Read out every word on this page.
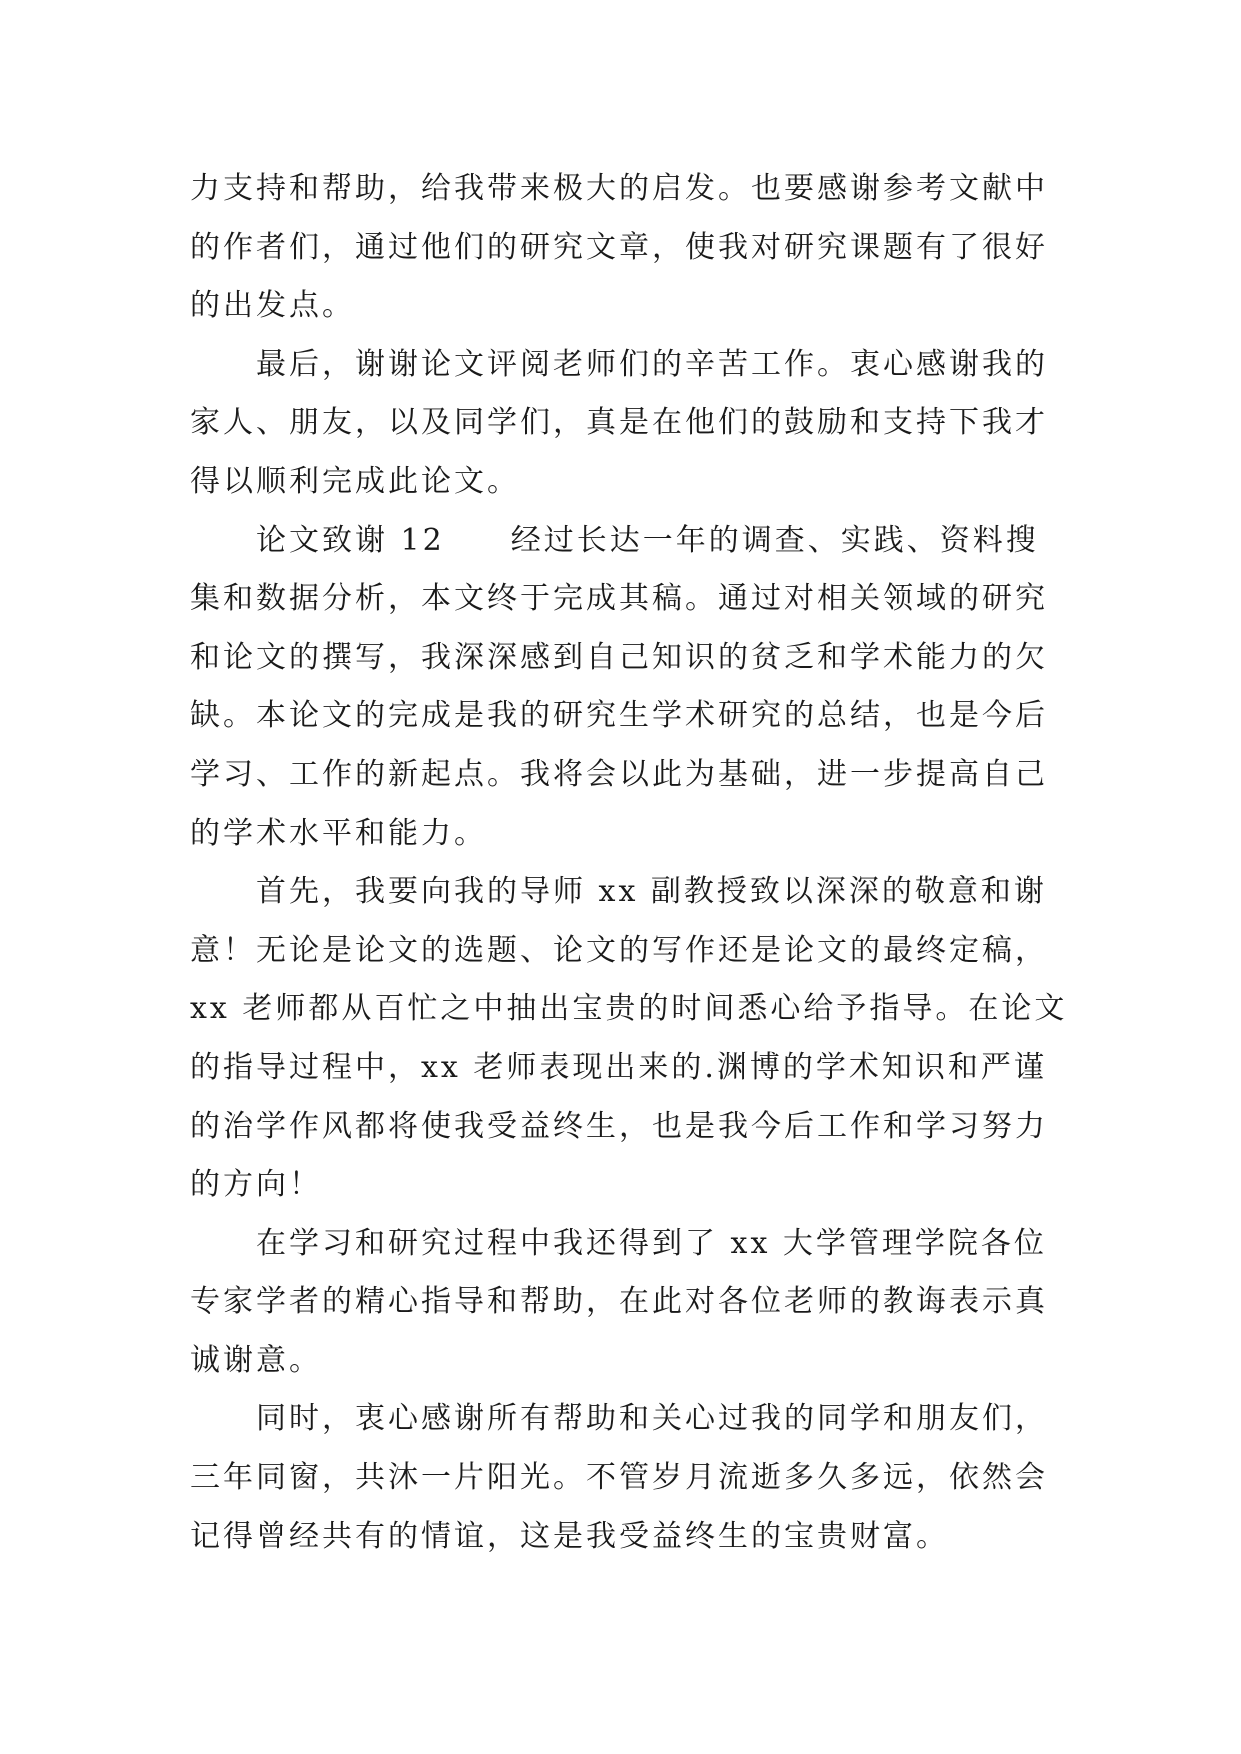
力支持和帮助，给我带来极大的启发。也要感谢参考文献中
的作者们，通过他们的研究文章，使我对研究课题有了很好
的出发点。
　　最后，谢谢论文评阅老师们的辛苦工作。衷心感谢我的
家人、朋友，以及同学们，真是在他们的鼓励和支持下我才
得以顺利完成此论文。
　　论文致谢 12　　经过长达一年的调查、实践、资料搜
集和数据分析，本文终于完成其稿。通过对相关领域的研究
和论文的撰写，我深深感到自己知识的贫乏和学术能力的欠
缺。本论文的完成是我的研究生学术研究的总结，也是今后
学习、工作的新起点。我将会以此为基础，进一步提高自己
的学术水平和能力。
　　首先，我要向我的导师 xx 副教授致以深深的敬意和谢
意！无论是论文的选题、论文的写作还是论文的最终定稿，
xx 老师都从百忙之中抽出宝贵的时间悉心给予指导。在论文
的指导过程中，xx 老师表现出来的.渊博的学术知识和严谨
的治学作风都将使我受益终生，也是我今后工作和学习努力
的方向！
　　在学习和研究过程中我还得到了 xx 大学管理学院各位
专家学者的精心指导和帮助，在此对各位老师的教诲表示真
诚谢意。
　　同时，衷心感谢所有帮助和关心过我的同学和朋友们，
三年同窗，共沐一片阳光。不管岁月流逝多久多远，依然会
记得曾经共有的情谊，这是我受益终生的宝贵财富。
